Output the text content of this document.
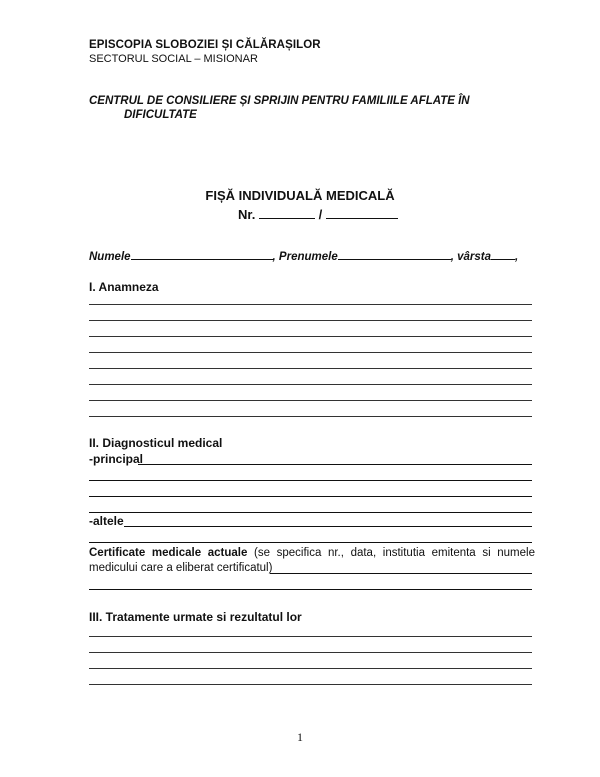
EPISCOPIA SLOBOZIEI ȘI CĂLĂRAȘILOR
SECTORUL SOCIAL – MISIONAR
CENTRUL DE CONSILIERE ȘI SPRIJIN PENTRU FAMILIILE AFLATE ÎN
DIFICULTATE
FIȘĂ INDIVIDUALĂ MEDICALĂ
Nr.	/
Numele	, Prenumele	, vârsta ,
I. Anamneza
II. Diagnosticul medical
-principal
-altele
Certificate medicale actuale (se specifica nr., data, institutia emitenta si numele medicului care a eliberat certificatul)
III. Tratamente urmate si rezultatul lor
1
